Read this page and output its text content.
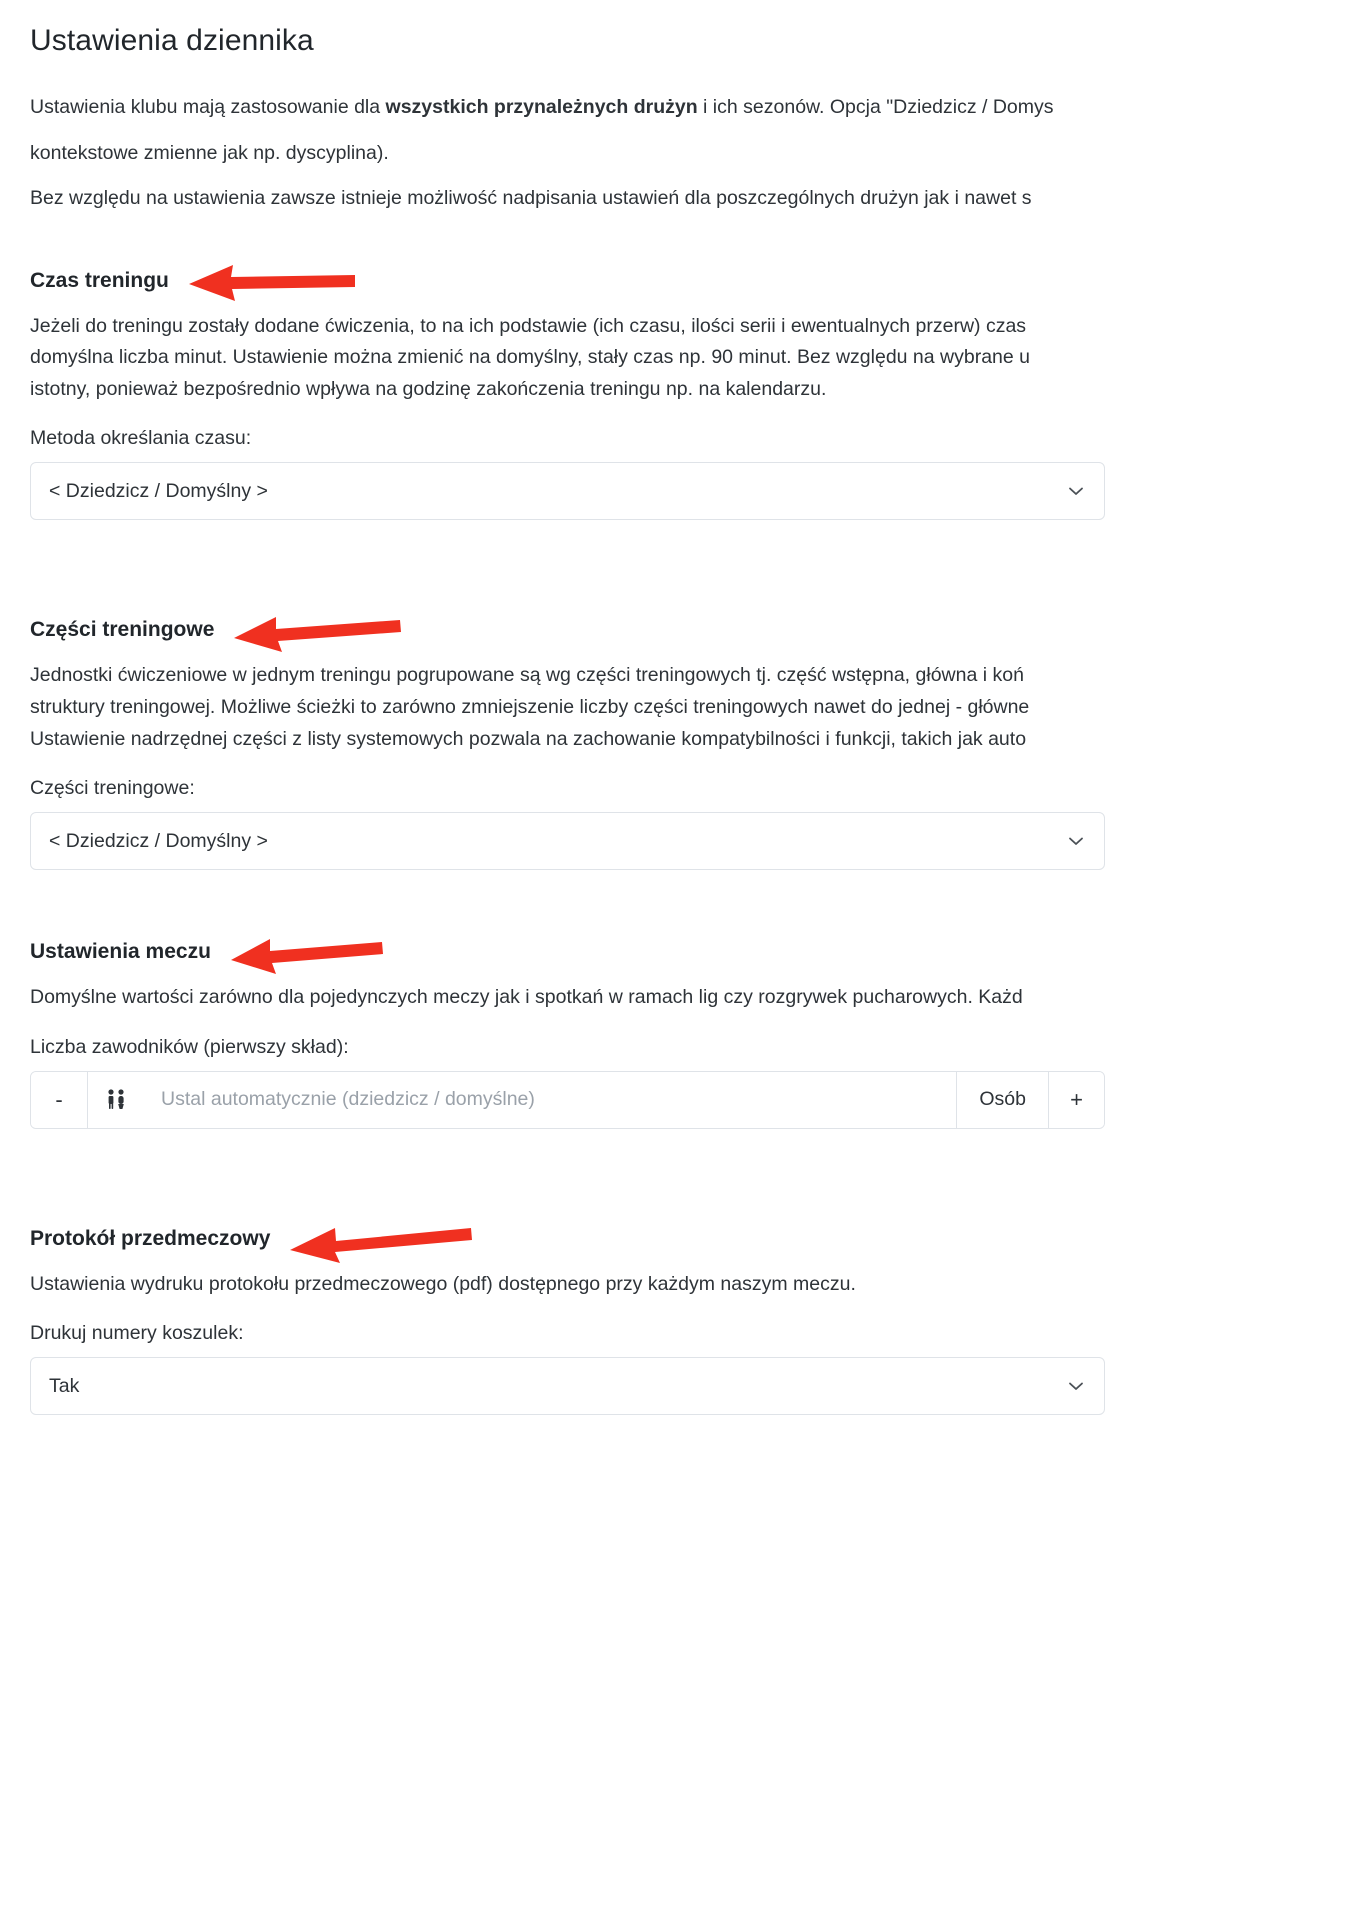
Ustawienia dziennika

Ustawienia klubu mają zastosowanie dla wszystkich przynależnych drużyn i ich sezonów. Opcja "Dziedzicz / Domys

kontekstowe zmienne jak np. dyscyplina).

Bez względu na ustawienia zawsze istnieje możliwość nadpisania ustawień dla poszczególnych drużyn jak i nawet s

Czas treningu

Jeżeli do treningu zostały dodane ćwiczenia, to na ich podstawie (ich czasu, ilości serii i ewentualnych przerw) czas

domyślna liczba minut. Ustawienie można zmienić na domyślny, stały czas np. 90 minut. Bez względu na wybrane u

istotny, ponieważ bezpośrednio wpływa na godzinę zakończenia treningu np. na kalendarzu.

Metoda określania czasu:
< Dziedzicz / Domyślny >
Części treningowe

Jednostki ćwiczeniowe w jednym treningu pogrupowane są wg części treningowych tj. część wstępna, główna i koń

struktury treningowej. Możliwe ścieżki to zarówno zmniejszenie liczby części treningowych nawet do jednej - główne

Ustawienie nadrzędnej części z listy systemowych pozwala na zachowanie kompatybilności i funkcji, takich jak auto

Części treningowe:
< Dziedzicz / Domyślny >
Ustawienia meczu

Domyślne wartości zarówno dla pojedynczych meczy jak i spotkań w ramach lig czy rozgrywek pucharowych. Każd

Liczba zawodników (pierwszy skład):
-
Ustal automatycznie (dziedzicz / domyślne)	Osób	+
Protokół przedmeczowy

Ustawienia wydruku protokołu przedmeczowego (pdf) dostępnego przy każdym naszym meczu.

Drukuj numery koszulek:
Tak
